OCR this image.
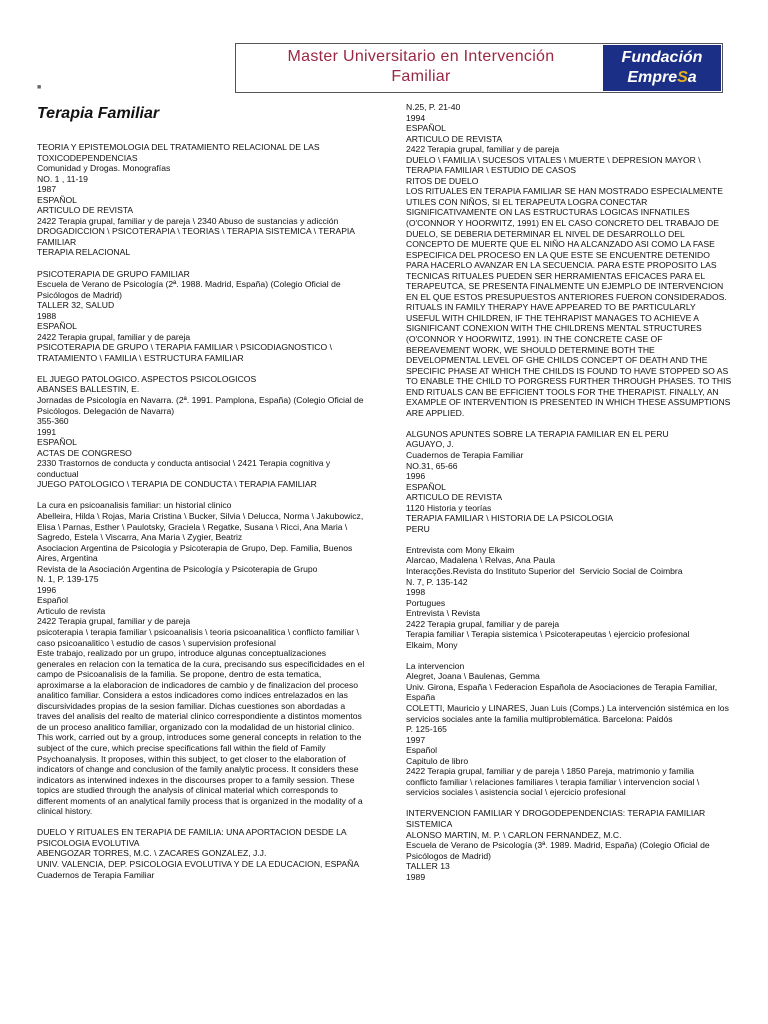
Master Universitario en Intervención
Familiar
Fundación
EmpreSa
■
Terapia Familiar
TEORIA Y EPISTEMOLOGIA DEL TRATAMIENTO RELACIONAL DE LAS
TOXICODEPENDENCIAS
Comunidad y Drogas. Monografías
NO. 1 , 11-19
1987
ESPAÑOL
ARTICULO DE REVISTA
2422 Terapia grupal, familiar y de pareja \ 2340 Abuso de sustancias y adicción
DROGADICCION \ PSICOTERAPIA \ TEORIAS \ TERAPIA SISTEMICA \ TERAPIA
FAMILIAR
TERAPIA RELACIONAL
PSICOTERAPIA DE GRUPO FAMILIAR
Escuela de Verano de Psicología (2ª. 1988. Madrid, España) (Colegio Oficial de
Psicólogos de Madrid)
TALLER 32, SALUD
1988
ESPAÑOL
2422 Terapia grupal, familiar y de pareja
PSICOTERAPIA DE GRUPO \ TERAPIA FAMILIAR \ PSICODIAGNOSTICO \
TRATAMIENTO \ FAMILIA \ ESTRUCTURA FAMILIAR
EL JUEGO PATOLOGICO. ASPECTOS PSICOLOGICOS
ABANSES BALLESTIN, E.
Jornadas de Psicología en Navarra. (2ª. 1991. Pamplona, España) (Colegio Oficial de
Psicólogos. Delegación de Navarra)
355-360
1991
ESPAÑOL
ACTAS DE CONGRESO
2330 Trastornos de conducta y conducta antisocial \ 2421 Terapia cognitiva y
conductual
JUEGO PATOLOGICO \ TERAPIA DE CONDUCTA \ TERAPIA FAMILIAR
La cura en psicoanalisis familiar: un historial clinico
Abelleira, Hilda \ Rojas, Maria Cristina \ Bucker, Silvia \ Delucca, Norma \ Jakubowicz,
Elisa \ Parnas, Esther \ Paulotsky, Graciela \ Regatke, Susana \ Ricci, Ana Maria \
Sagredo, Estela \ Viscarra, Ana Maria \ Zygier, Beatriz
Asociacion Argentina de Psicologia y Psicoterapia de Grupo, Dep. Familia, Buenos
Aires, Argentina
Revista de la Asociación Argentina de Psicología y Psicoterapia de Grupo
N. 1, P. 139-175
1996
Español
Articulo de revista
2422 Terapia grupal, familiar y de pareja
psicoterapia \ terapia familiar \ psicoanalisis \ teoria psicoanalitica \ conflicto familiar \
caso psicoanalitico \ estudio de casos \ supervision profesional
Este trabajo, realizado por un grupo, introduce algunas conceptualizaciones
generales en relacion con la tematica de la cura, precisando sus especificidades en el
campo de Psicoanalisis de la familia. Se propone, dentro de esta tematica,
aproximarse a la elaboracion de indicadores de cambio y de finalizacion del proceso
analitico familiar. Considera a estos indicadores como indices entrelazados en las
discursividades propias de la sesion familiar. Dichas cuestiones son abordadas a
traves del analisis del realto de material clinico correspondiente a distintos momentos
de un proceso analitico familiar, organizado con la modalidad de un historial clinico.
This work, carried out by a group, introduces some general concepts in relation to the
subject of the cure, which precise specifications fall within the field of Family
Psychoanalysis. It proposes, within this subject, to get closer to the elaboration of
indicators of change and conclusion of the family analytic process. It considers these
indicators as interwined indexes in the discourses proper to a family session. These
topics are studied through the analysis of clinical material which corresponds to
different moments of an analytical family process that is organized in the modality of a
clinical history.
DUELO Y RITUALES EN TERAPIA DE FAMILIA: UNA APORTACION DESDE LA
PSICOLOGIA EVOLUTIVA
ABENGOZAR TORRES, M.C. \ ZACARES GONZALEZ, J.J.
UNIV. VALENCIA, DEP. PSICOLOGIA EVOLUTIVA Y DE LA EDUCACION, ESPAÑA
Cuadernos de Terapia Familiar
N.25, P. 21-40
1994
ESPAÑOL
ARTICULO DE REVISTA
2422 Terapia grupal, familiar y de pareja
DUELO \ FAMILIA \ SUCESOS VITALES \ MUERTE \ DEPRESION MAYOR \
TERAPIA FAMILIAR \ ESTUDIO DE CASOS
RITOS DE DUELO
LOS RITUALES EN TERAPIA FAMILIAR SE HAN MOSTRADO ESPECIALMENTE
UTILES CON NIÑOS, SI EL TERAPEUTA LOGRA CONECTAR
SIGNIFICATIVAMENTE ON LAS ESTRUCTURAS LOGICAS INFNATILES
(O'CONNOR Y HOORWITZ, 1991) EN EL CASO CONCRETO DEL TRABAJO DE
DUELO, SE DEBERIA DETERMINAR EL NIVEL DE DESARROLLO DEL
CONCEPTO DE MUERTE QUE EL NIÑO HA ALCANZADO ASI COMO LA FASE
ESPECIFICA DEL PROCESO EN LA QUE ESTE SE ENCUENTRE DETENIDO
PARA HACERLO AVANZAR EN LA SECUENCIA. PARA ESTE PROPOSITO LAS
TECNICAS RITUALES PUEDEN SER HERRAMIENTAS EFICACES PARA EL
TERAPEUTCA, SE PRESENTA FINALMENTE UN EJEMPLO DE INTERVENCION
EN EL QUE ESTOS PRESUPUESTOS ANTERIORES FUERON CONSIDERADOS.
RITUALS IN FAMILY THERAPY HAVE APPEARED TO BE PARTICULARLY
USEFUL WITH CHILDREN, IF THE TEHRAPIST MANAGES TO ACHIEVE A
SIGNIFICANT CONEXION WITH THE CHILDRENS MENTAL STRUCTURES
(O'CONNOR Y HOORWITZ, 1991). IN THE CONCRETE CASE OF
BEREAVEMENT WORK, WE SHOULD DETERMINE BOTH THE
DEVELOPMENTAL LEVEL OF GHE CHILDS CONCEPT OF DEATH AND THE
SPECIFIC PHASE AT WHICH THE CHILDS IS FOUND TO HAVE STOPPED SO AS
TO ENABLE THE CHILD TO PORGRESS FURTHER THROUGH PHASES. TO THIS
END RITUALS CAN BE EFFICIENT TOOLS FOR THE THERAPIST. FINALLY, AN
EXAMPLE OF INTERVENTION IS PRESENTED IN WHICH THESE ASSUMPTIONS
ARE APPLIED.
ALGUNOS APUNTES SOBRE LA TERAPIA FAMILIAR EN EL PERU
AGUAYO, J.
Cuadernos de Terapia Familiar
NO.31, 65-66
1996
ESPAÑOL
ARTICULO DE REVISTA
1120 Historia y teorías
TERAPIA FAMILIAR \ HISTORIA DE LA PSICOLOGIA
PERU
Entrevista com Mony Elkaim
Alarcao, Madalena \ Relvas, Ana Paula
Interacções.Revista do Instituto Superior del  Servicio Social de Coimbra
N. 7, P. 135-142
1998
Portugues
Entrevista \ Revista
2422 Terapia grupal, familiar y de pareja
Terapia familiar \ Terapia sistemica \ Psicoterapeutas \ ejercicio profesional
Elkaim, Mony
La intervencion
Alegret, Joana \ Baulenas, Gemma
Univ. Girona, España \ Federacion Española de Asociaciones de Terapia Familiar,
España
COLETTI, Mauricio y LINARES, Juan Luis (Comps.) La intervención sistémica en los
servicios sociales ante la familia multiproblemática. Barcelona: Paidós
P. 125-165
1997
Español
Capitulo de libro
2422 Terapia grupal, familiar y de pareja \ 1850 Pareja, matrimonio y familia
conflicto familiar \ relaciones familiares \ terapia familiar \ intervencion social \
servicios sociales \ asistencia social \ ejercicio profesional
INTERVENCION FAMILIAR Y DROGODEPENDENCIAS: TERAPIA FAMILIAR
SISTEMICA
ALONSO MARTIN, M. P. \ CARLON FERNANDEZ, M.C.
Escuela de Verano de Psicología (3ª. 1989. Madrid, España) (Colegio Oficial de
Psicólogos de Madrid)
TALLER 13
1989
